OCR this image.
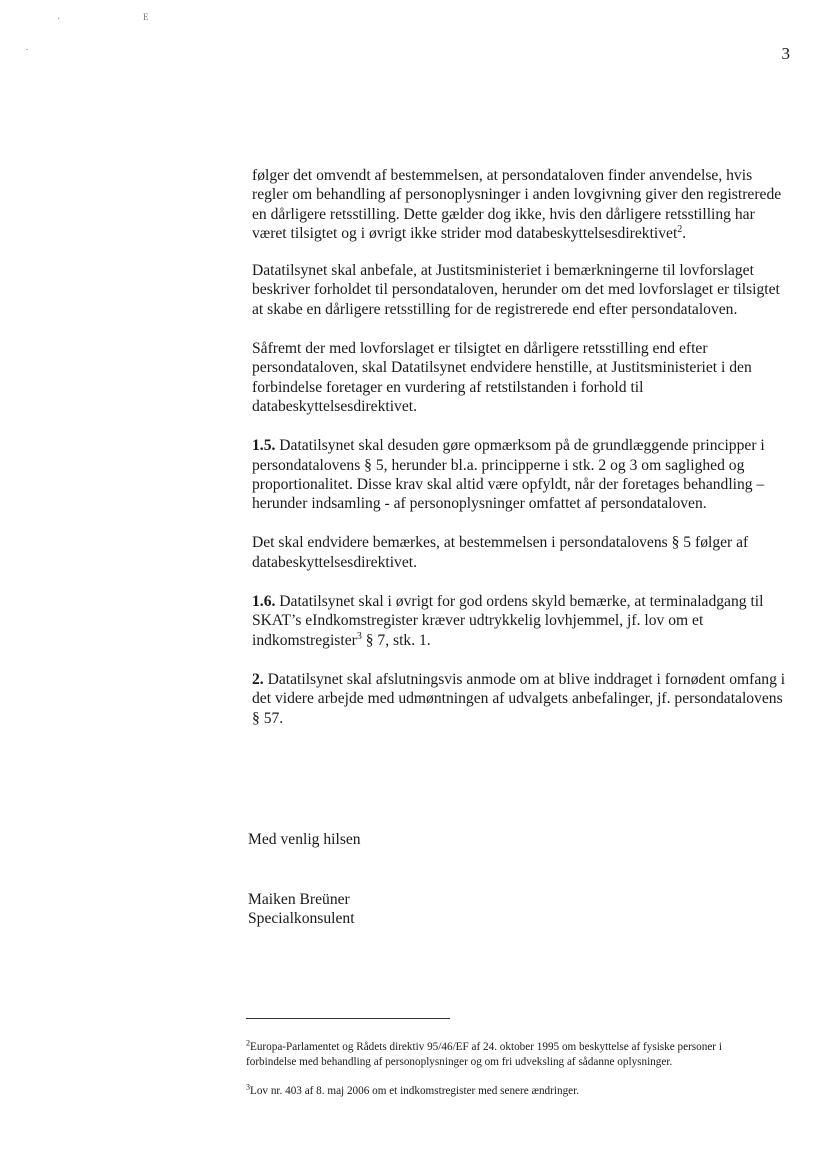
'	E
.	3

følger det omvendt af bestemmelsen, at persondataloven finder anvendelse, hvis regler om behandling af personoplysninger i anden lovgivning giver den registrerede en dårligere retsstilling. Dette gælder dog ikke, hvis den dårligere retsstilling har været tilsigtet og i øvrigt ikke strider mod databeskyttelsesdirektivet$^2$.

Datatilsynet skal anbefale, at Justitsministeriet i bemærkningerne til lovforslaget beskriver forholdet til persondataloven, herunder om det med lovforslaget er tilsigtet at skabe en dårligere retsstilling for de registrerede end efter persondataloven.

Såfremt der med lovforslaget er tilsigtet en dårligere retsstilling end efter persondataloven, skal Datatilsynet endvidere henstille, at Justitsministeriet i den forbindelse foretager en vurdering af retstilstanden i forhold til databeskyttelsesdirektivet.

1.5. Datatilsynet skal desuden gøre opmærksom på de grundlæggende principper i persondatalovens § 5, herunder bl.a. principperne i stk. 2 og 3 om saglighed og proportionalitet. Disse krav skal altid være opfyldt, når der foretages behandling – herunder indsamling - af personoplysninger omfattet af persondataloven.

Det skal endvidere bemærkes, at bestemmelsen i persondatalovens § 5 følger af databeskyttelsesdirektivet.

1.6. Datatilsynet skal i øvrigt for god ordens skyld bemærke, at terminaladgang til SKAT’s eIndkomstregister kræver udtrykkelig lovhjemmel, jf. lov om et indkomstregister$^3$ § 7, stk. 1.

2. Datatilsynet skal afslutningsvis anmode om at blive inddraget i fornødent omfang i det videre arbejde med udmøntningen af udvalgets anbefalinger, jf. persondatalovens § 57.

Med venlig hilsen
Maiken Breüner
Specialkonsulent

$^2$Europa-Parlamentet og Rådets direktiv 95/46/EF af 24. oktober 1995 om beskyttelse af fysiske personer i forbindelse med behandling af personoplysninger og om fri udveksling af sådanne oplysninger.

$^3$Lov nr. 403 af 8. maj 2006 om et indkomstregister med senere ændringer.
